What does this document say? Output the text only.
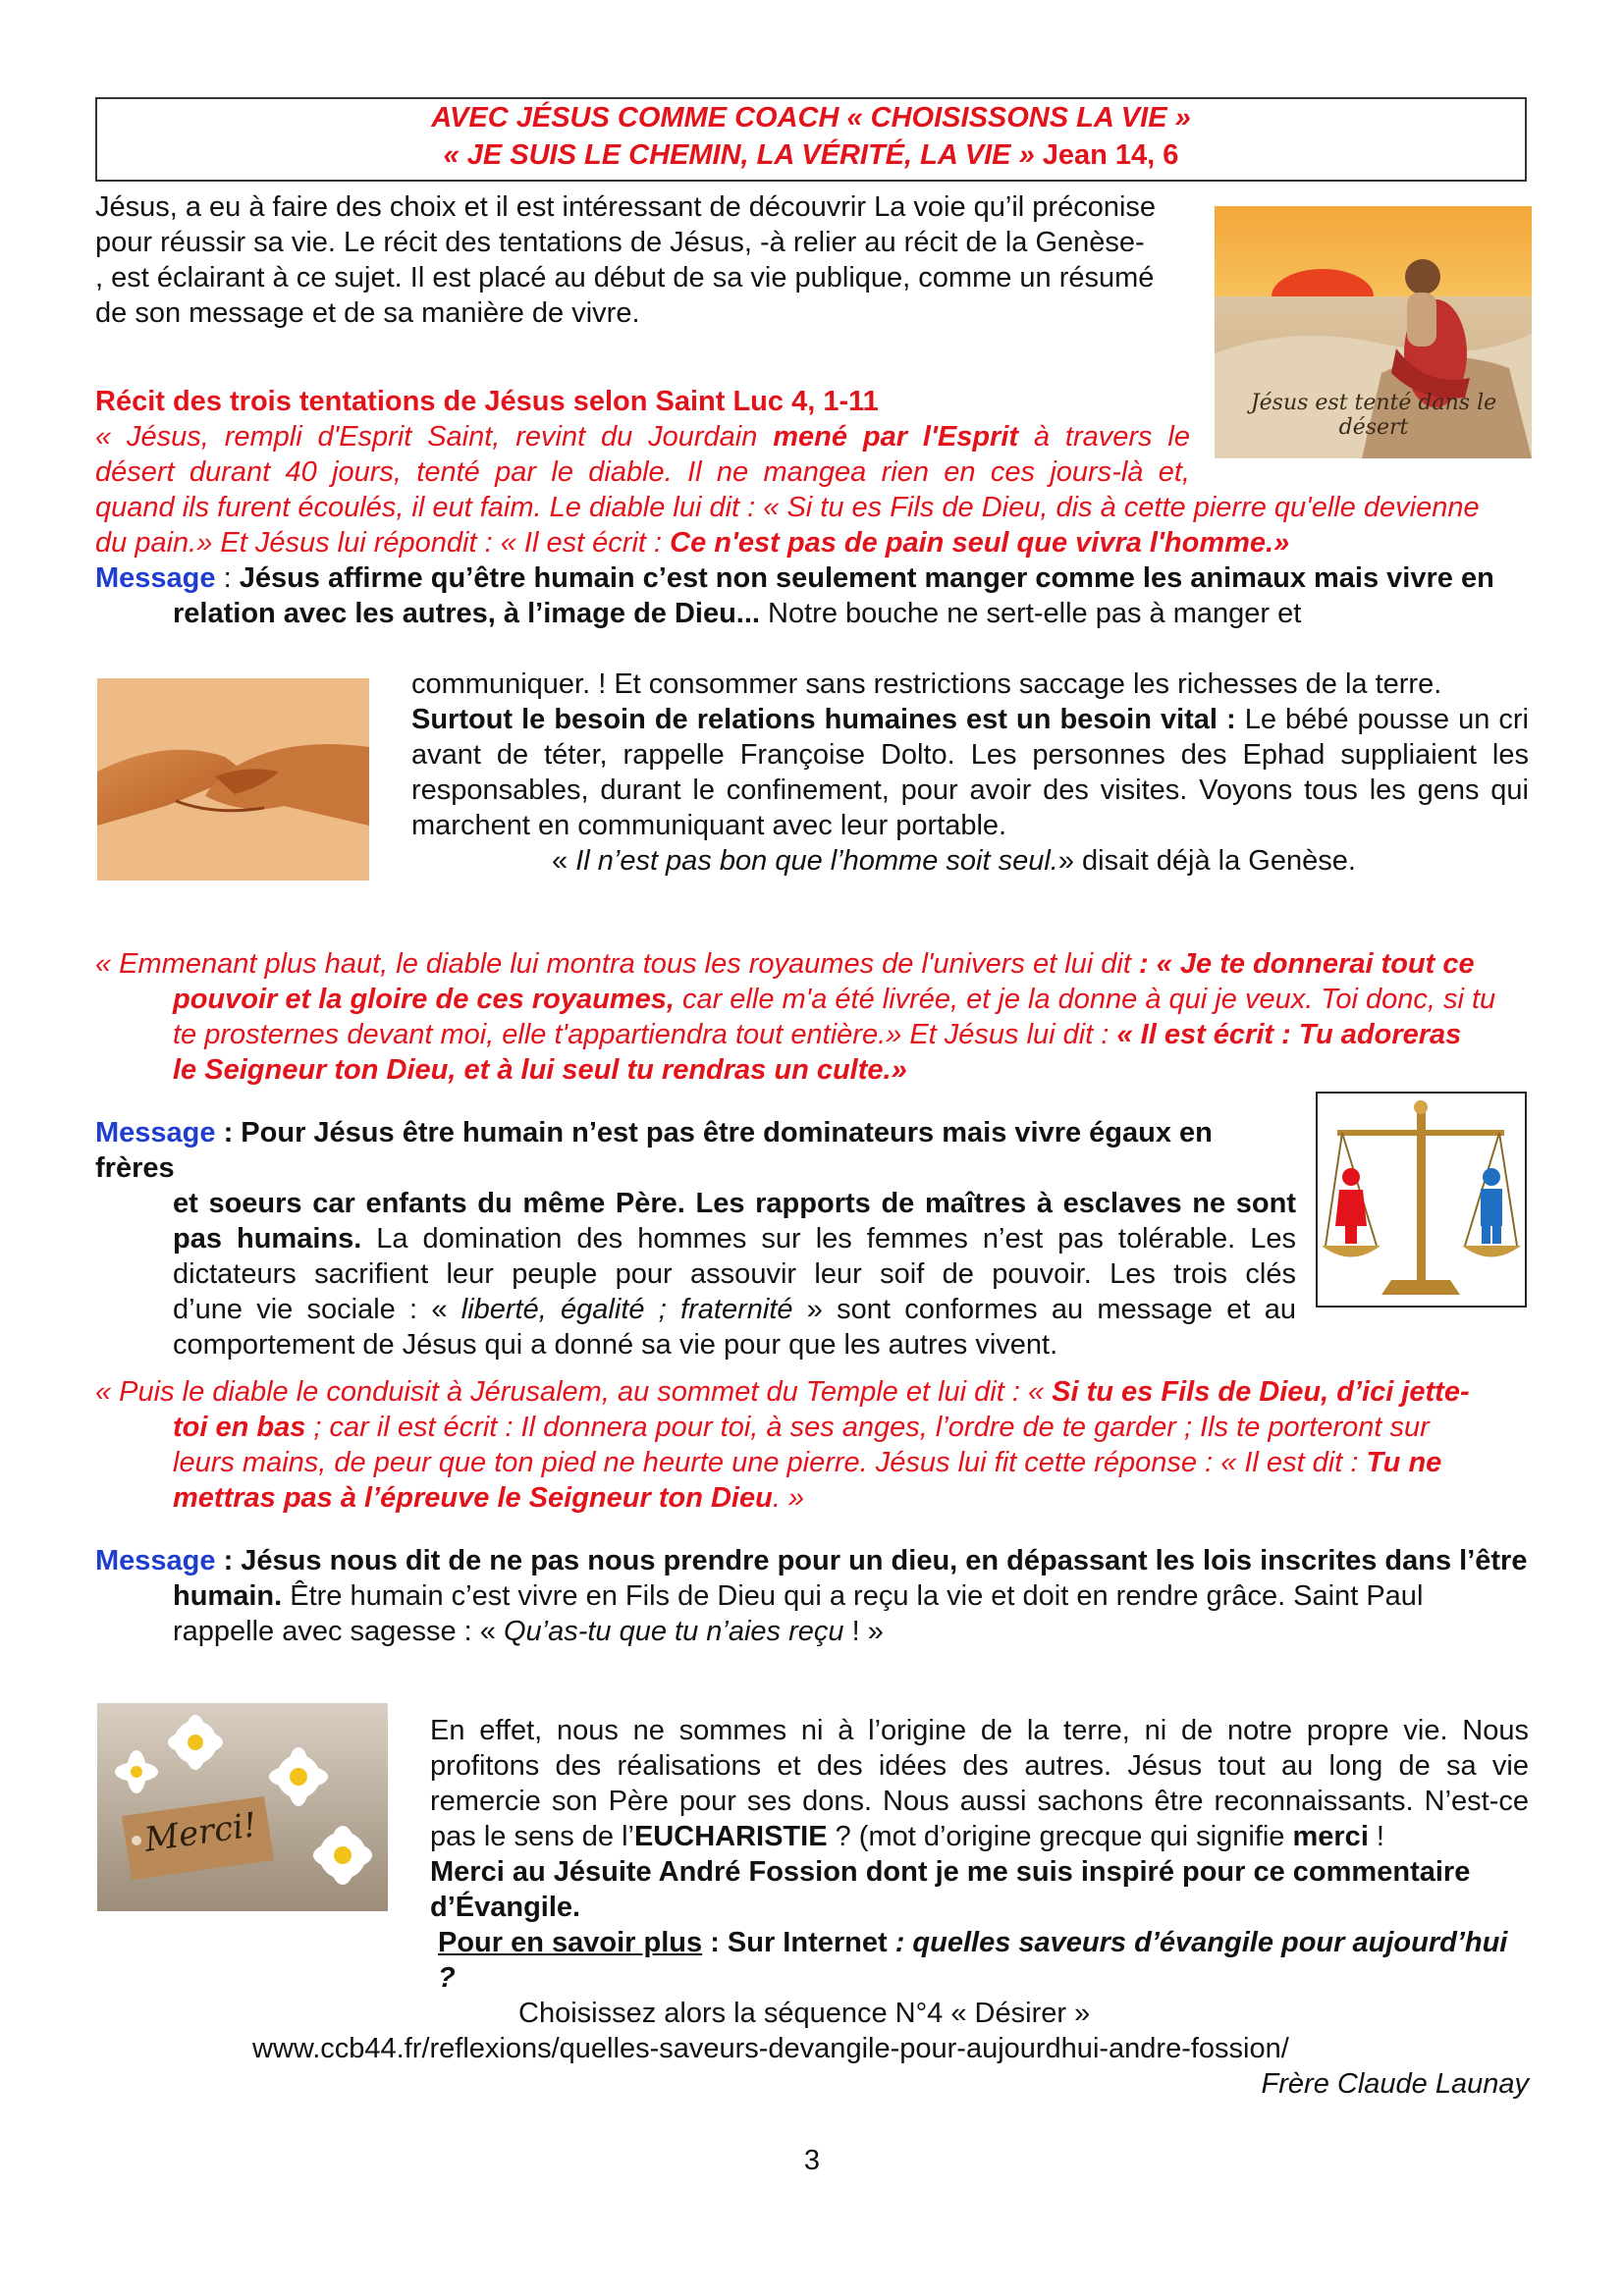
AVEC JÉSUS COMME COACH « CHOISISSONS LA VIE »
« JE SUIS LE CHEMIN, LA VÉRITÉ, LA VIE » Jean 14, 6
Jésus, a eu à faire des choix et il est intéressant de découvrir La voie qu’il préconise
pour réussir sa vie. Le récit des tentations de Jésus, -à relier au récit de la Genèse-
, est éclairant à ce sujet. Il est placé au début de sa vie publique, comme un résumé
de son message et de sa manière de vivre.
Jésus est tenté dans le désert
Récit des trois tentations de Jésus selon Saint Luc 4, 1-11
« Jésus, rempli d'Esprit Saint, revint du Jourdain mené par l'Esprit à travers le
désert durant 40 jours, tenté par le diable. Il ne mangea rien en ces jours-là et,
quand ils furent écoulés, il eut faim. Le diable lui dit : « Si tu es Fils de Dieu, dis à cette pierre qu'elle devienne
du pain.» Et Jésus lui répondit : « Il est écrit : Ce n'est pas de pain seul que vivra l'homme.»
Message : Jésus affirme qu’être humain c’est non seulement manger comme les animaux mais vivre en
relation avec les autres, à l’image de Dieu... Notre bouche ne sert-elle pas à manger et
communiquer. ! Et consommer sans restrictions saccage les richesses de la terre.
Surtout le besoin de relations humaines est un besoin vital : Le bébé pousse un cri
avant de téter, rappelle Françoise Dolto. Les personnes des Ephad suppliaient les
responsables, durant le confinement, pour avoir des visites. Voyons tous les gens qui
marchent en communiquant avec leur portable.
« Il n’est pas bon que l’homme soit seul.» disait déjà la Genèse.
« Emmenant plus haut, le diable lui montra tous les royaumes de l'univers et lui dit : « Je te donnerai tout ce
pouvoir et la gloire de ces royaumes, car elle m'a été livrée, et je la donne à qui je veux. Toi donc, si tu
te prosternes devant moi, elle t'appartiendra tout entière.» Et Jésus lui dit : « Il est écrit : Tu adoreras
le Seigneur ton Dieu, et à lui seul tu rendras un culte.»
Message : Pour Jésus être humain n’est pas être dominateurs mais vivre égaux en frères
et soeurs car enfants du même Père. Les rapports de maîtres à esclaves ne sont
pas humains. La domination des hommes sur les femmes n’est pas tolérable. Les
dictateurs sacrifient leur peuple pour assouvir leur soif de pouvoir. Les trois clés
d’une vie sociale : « liberté, égalité ; fraternité » sont conformes au message et au
comportement de Jésus qui a donné sa vie pour que les autres vivent.
« Puis le diable le conduisit à Jérusalem, au sommet du Temple et lui dit : « Si tu es Fils de Dieu, d’ici jette-
toi en bas ; car il est écrit : Il donnera pour toi, à ses anges, l’ordre de te garder ; Ils te porteront sur
leurs mains, de peur que ton pied ne heurte une pierre. Jésus lui fit cette réponse : « Il est dit : Tu ne
mettras pas à l’épreuve le Seigneur ton Dieu. »
Message : Jésus nous dit de ne pas nous prendre pour un dieu, en dépassant les lois inscrites dans l’être
humain. Être humain c’est vivre en Fils de Dieu qui a reçu la vie et doit en rendre grâce. Saint Paul
rappelle avec sagesse : « Qu’as-tu que tu n’aies reçu ! »
Merci!
En effet, nous ne sommes ni à l’origine de la terre, ni de notre propre vie. Nous
profitons des réalisations et des idées des autres. Jésus tout au long de sa vie
remercie son Père pour ses dons. Nous aussi sachons être reconnaissants. N’est-ce
pas le sens de l’EUCHARISTIE ? (mot d’origine grecque qui signifie merci !
Merci au Jésuite André Fossion dont je me suis inspiré pour ce commentaire
d’Évangile.
Pour en savoir plus : Sur Internet : quelles saveurs d’évangile pour aujourd’hui ?
Choisissez alors la séquence N°4 « Désirer »
www.ccb44.fr/reflexions/quelles-saveurs-devangile-pour-aujourdhui-andre-fossion/
Frère Claude Launay
3
